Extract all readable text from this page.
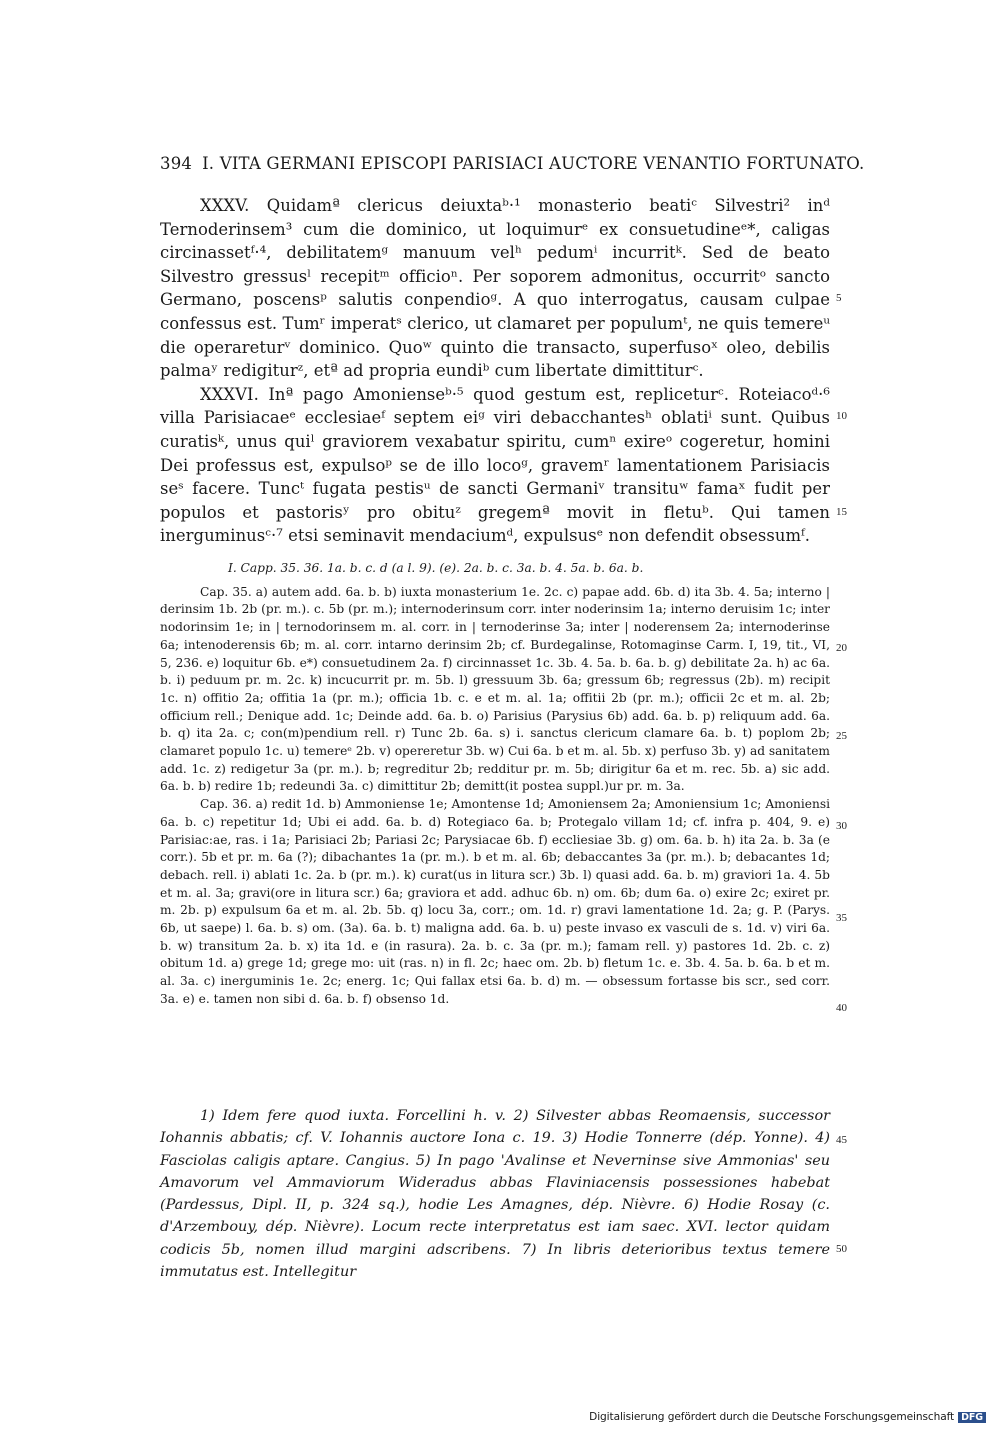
394 I. VITA GERMANI EPISCOPI PARISIACI AUCTORE VENANTIO FORTUNATO.

XXXV. Quidamª clericus deiuxtaᵇ·¹ monasterio beatiᶜ Silvestri² inᵈ Ternoderinsem³ cum die dominico, ut loquimurᵉ ex consuetudineᵉ*, caligas circinassetᶠ·⁴, debilitatemᵍ manuum velʰ pedumⁱ incurritᵏ. Sed de beato Silvestro gressusˡ recepitᵐ officioⁿ. Per soporem admonitus, occurritᵒ sancto Germano, poscensᵖ salutis conpendioᵍ. A quo interrogatus, causam culpae confessus est. Tumʳ imperatˢ clerico, ut clamaret per populumᵗ, ne quis temereᵘ die operareturᵛ dominico. Quoʷ quinto die transacto, superfusoˣ oleo, debilis palmaʸ redigiturᶻ, etª ad propria eundiᵇ cum libertate dimittiturᶜ.

XXXVI. Inª pago Amonienseᵇ·⁵ quod gestum est, repliceturᶜ. Roteiacoᵈ·⁶ villa Parisiacaeᵉ ecclesiaeᶠ septem eiᵍ viri debacchantesʰ oblatiⁱ sunt. Quibus curatisᵏ, unus quiˡ graviorem vexabatur spiritu, cumⁿ exireᵒ cogeretur, homini Dei professus est, expulsoᵖ se de illo locoᵍ, gravemʳ lamentationem Parisiacis seˢ facere. Tuncᵗ fugata pestisᵘ de sancti Germaniᵛ transituʷ famaˣ fudit per populos et pastorisʸ pro obituᶻ gregemª movit in fletuᵇ. Qui tamen inerguminusᶜ·⁷ etsi seminavit mendaciumᵈ, expulsusᵉ non defendit obsessumᶠ.

5
10
15

I. Capp. 35. 36. 1a. b. c. d (a l. 9). (e). 2a. b. c. 3a. b. 4. 5a. b. 6a. b.

Cap. 35. a) autem add. 6a. b. b) iuxta monasterium 1e. 2c. c) papae add. 6b. d) ita 3b. 4. 5a; interno | derinsim 1b. 2b (pr. m.). c. 5b (pr. m.); internoderinsum corr. inter noderinsim 1a; interno deruisim 1c; inter nodorinsim 1e; in | ternodorinsem m. al. corr. in | ternoderinse 3a; inter | noderensem 2a; internoderinse 6a; intenoderensis 6b; m. al. corr. intarno derinsim 2b; cf. Burdegalinse, Rotomaginse Carm. I, 19, tit., VI, 5, 236. e) loquitur 6b. e*) consuetudinem 2a. f) circinnasset 1c. 3b. 4. 5a. b. 6a. b. g) debilitate 2a. h) ac 6a. b. i) peduum pr. m. 2c. k) incucurrit pr. m. 5b. l) gressuum 3b. 6a; gressum 6b; regressus (2b). m) recipit 1c. n) offitio 2a; offitia 1a (pr. m.); officia 1b. c. e et m. al. 1a; offitii 2b (pr. m.); officii 2c et m. al. 2b; officium rell.; Denique add. 1c; Deinde add. 6a. b. o) Parisius (Parysius 6b) add. 6a. b. p) reliquum add. 6a. b. q) ita 2a. c; con(m)pendium rell. r) Tunc 2b. 6a. s) i. sanctus clericum clamare 6a. b. t) poplom 2b; clamaret populo 1c. u) temereᵉ 2b. v) opereretur 3b. w) Cui 6a. b et m. al. 5b. x) perfuso 3b. y) ad sanitatem add. 1c. z) redigetur 3a (pr. m.). b; regreditur 2b; redditur pr. m. 5b; dirigitur 6a et m. rec. 5b. a) sic add. 6a. b. b) redire 1b; redeundi 3a. c) dimittitur 2b; demitt(it postea suppl.)ur pr. m. 3a.

Cap. 36. a) redit 1d. b) Ammoniense 1e; Amontense 1d; Amoniensem 2a; Amoniensium 1c; Amoniensi 6a. b. c) repetitur 1d; Ubi ei add. 6a. b. d) Rotegiaco 6a. b; Protegalo villam 1d; cf. infra p. 404, 9. e) Parisiac:ae, ras. i 1a; Parisiaci 2b; Pariasi 2c; Parysiacae 6b. f) eccliesiae 3b. g) om. 6a. b. h) ita 2a. b. 3a (e corr.). 5b et pr. m. 6a (?); dibachantes 1a (pr. m.). b et m. al. 6b; debaccantes 3a (pr. m.). b; debacantes 1d; debach. rell. i) ablati 1c. 2a. b (pr. m.). k) curat(us in litura scr.) 3b. l) quasi add. 6a. b. m) graviori 1a. 4. 5b et m. al. 3a; gravi(ore in litura scr.) 6a; graviora et add. adhuc 6b. n) om. 6b; dum 6a. o) exire 2c; exiret pr. m. 2b. p) expulsum 6a et m. al. 2b. 5b. q) locu 3a, corr.; om. 1d. r) gravi lamentatione 1d. 2a; g. P. (Parys. 6b, ut saepe) l. 6a. b. s) om. (3a). 6a. b. t) maligna add. 6a. b. u) peste invaso ex vasculi de s. 1d. v) viri 6a. b. w) transitum 2a. b. x) ita 1d. e (in rasura). 2a. b. c. 3a (pr. m.); famam rell. y) pastores 1d. 2b. c. z) obitum 1d. a) grege 1d; grege mo: uit (ras. n) in fl. 2c; haec om. 2b. b) fletum 1c. e. 3b. 4. 5a. b. 6a. b et m. al. 3a. c) inerguminis 1e. 2c; energ. 1c; Qui fallax etsi 6a. b. d) m. — obsessum fortasse bis scr., sed corr. 3a. e) e. tamen non sibi d. 6a. b. f) obsenso 1d.

20
25
30
35
40

1) Idem fere quod iuxta. Forcellini h. v. 2) Silvester abbas Reomaensis, successor Iohannis abbatis; cf. V. Iohannis auctore Iona c. 19. 3) Hodie Tonnerre (dép. Yonne). 4) Fasciolas caligis aptare. Cangius. 5) In pago 'Avalinse et Neverninse sive Ammonias' seu Amavorum vel Ammaviorum Wideradus abbas Flaviniacensis possessiones habebat (Pardessus, Dipl. II, p. 324 sq.), hodie Les Amagnes, dép. Nièvre. 6) Hodie Rosay (c. d'Arzembouy, dép. Nièvre). Locum recte interpretatus est iam saec. XVI. lector quidam codicis 5b, nomen illud margini adscribens. 7) In libris deterioribus textus temere immutatus est. Intellegitur

45
50
Digitalisierung gefördert durch die Deutsche Forschungsgemeinschaft DFG
